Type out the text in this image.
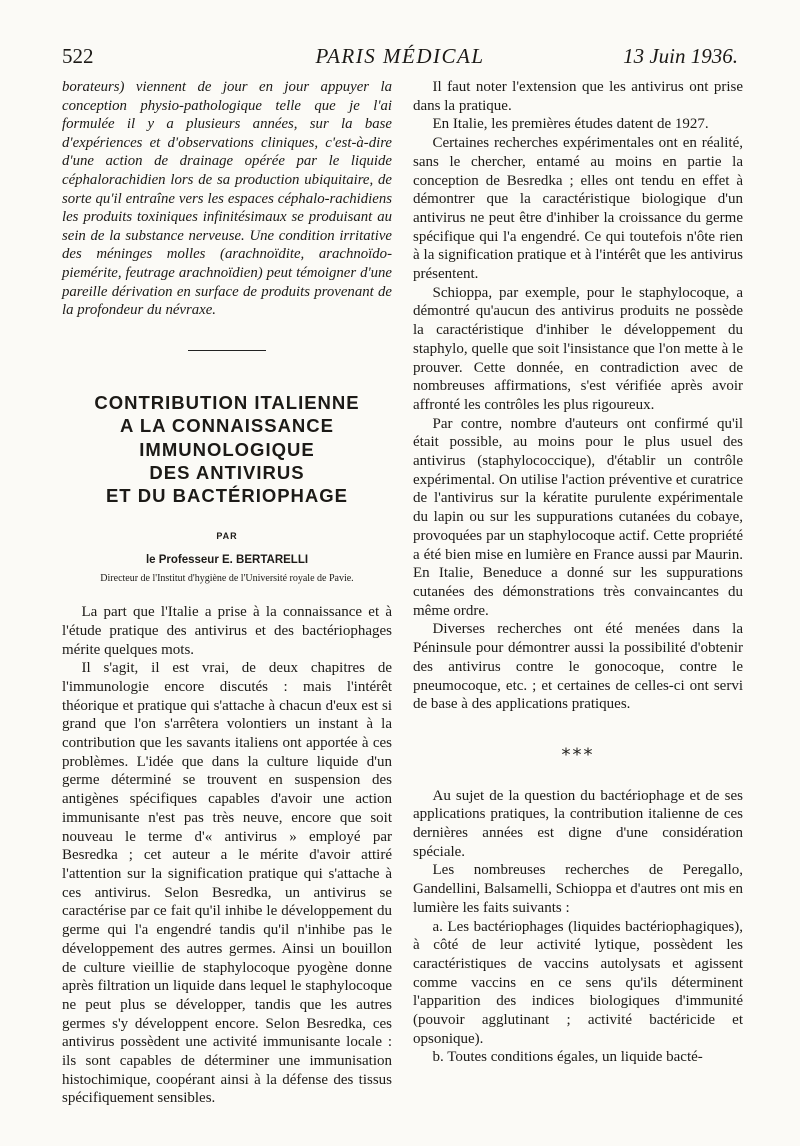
522	PARIS MÉDICAL	13 Juin 1936.

borateurs) viennent de jour en jour appuyer la conception physio-pathologique telle que je l'ai formulée il y a plusieurs années, sur la base d'expériences et d'observations cliniques, c'est-à-dire d'une action de drainage opérée par le liquide céphalorachidien lors de sa production ubiquitaire, de sorte qu'il entraîne vers les espaces céphalo-rachidiens les produits toxiniques infinitésimaux se produisant au sein de la substance nerveuse. Une condition irritative des méninges molles (arachnoïdite, arachnoïdo-piemérite, feutrage arachnoïdien) peut témoigner d'une pareille dérivation en surface de produits provenant de la profondeur du névraxe.

CONTRIBUTION ITALIENNE
A LA CONNAISSANCE
IMMUNOLOGIQUE
DES ANTIVIRUS
ET DU BACTÉRIOPHAGE
PAR
le Professeur E. BERTARELLI
Directeur de l'Institut d'hygiène de l'Université royale de Pavie.

La part que l'Italie a prise à la connaissance et à l'étude pratique des antivirus et des bactériophages mérite quelques mots.

Il s'agit, il est vrai, de deux chapitres de l'immunologie encore discutés : mais l'intérêt théorique et pratique qui s'attache à chacun d'eux est si grand que l'on s'arrêtera volontiers un instant à la contribution que les savants italiens ont apportée à ces problèmes. L'idée que dans la culture liquide d'un germe déterminé se trouvent en suspension des antigènes spécifiques capables d'avoir une action immunisante n'est pas très neuve, encore que soit nouveau le terme d'« antivirus » employé par Besredka ; cet auteur a le mérite d'avoir attiré l'attention sur la signification pratique qui s'attache à ces antivirus. Selon Besredka, un antivirus se caractérise par ce fait qu'il inhibe le développement du germe qui l'a engendré tandis qu'il n'inhibe pas le développement des autres germes. Ainsi un bouillon de culture vieillie de staphylocoque pyogène donne après filtration un liquide dans lequel le staphylocoque ne peut plus se développer, tandis que les autres germes s'y développent encore. Selon Besredka, ces antivirus possèdent une activité immunisante locale : ils sont capables de déterminer une immunisation histochimique, coopérant ainsi à la défense des tissus spécifiquement sensibles.

Il faut noter l'extension que les antivirus ont prise dans la pratique.

En Italie, les premières études datent de 1927.

Certaines recherches expérimentales ont en réalité, sans le chercher, entamé au moins en partie la conception de Besredka ; elles ont tendu en effet à démontrer que la caractéristique biologique d'un antivirus ne peut être d'inhiber la croissance du germe spécifique qui l'a engendré. Ce qui toutefois n'ôte rien à la signification pratique et à l'intérêt que les antivirus présentent.

Schioppa, par exemple, pour le staphylocoque, a démontré qu'aucun des antivirus produits ne possède la caractéristique d'inhiber le développement du staphylo, quelle que soit l'insistance que l'on mette à le prouver. Cette donnée, en contradiction avec de nombreuses affirmations, s'est vérifiée après avoir affronté les contrôles les plus rigoureux.

Par contre, nombre d'auteurs ont confirmé qu'il était possible, au moins pour le plus usuel des antivirus (staphylococcique), d'établir un contrôle expérimental. On utilise l'action préventive et curatrice de l'antivirus sur la kératite purulente expérimentale du lapin ou sur les suppurations cutanées du cobaye, provoquées par un staphylocoque actif. Cette propriété a été bien mise en lumière en France aussi par Maurin. En Italie, Beneduce a donné sur les suppurations cutanées des démonstrations très convaincantes du même ordre.

Diverses recherches ont été menées dans la Péninsule pour démontrer aussi la possibilité d'obtenir des antivirus contre le gonocoque, contre le pneumocoque, etc. ; et certaines de celles-ci ont servi de base à des applications pratiques.

⁎⁎⁎

Au sujet de la question du bactériophage et de ses applications pratiques, la contribution italienne de ces dernières années est digne d'une considération spéciale.

Les nombreuses recherches de Peregallo, Gandellini, Balsamelli, Schioppa et d'autres ont mis en lumière les faits suivants :

a. Les bactériophages (liquides bactériophagiques), à côté de leur activité lytique, possèdent les caractéristiques de vaccins autolysats et agissent comme vaccins en ce sens qu'ils déterminent l'apparition des indices biologiques d'immunité (pouvoir agglutinant ; activité bactéricide et opsonique).

b. Toutes conditions égales, un liquide bacté-
